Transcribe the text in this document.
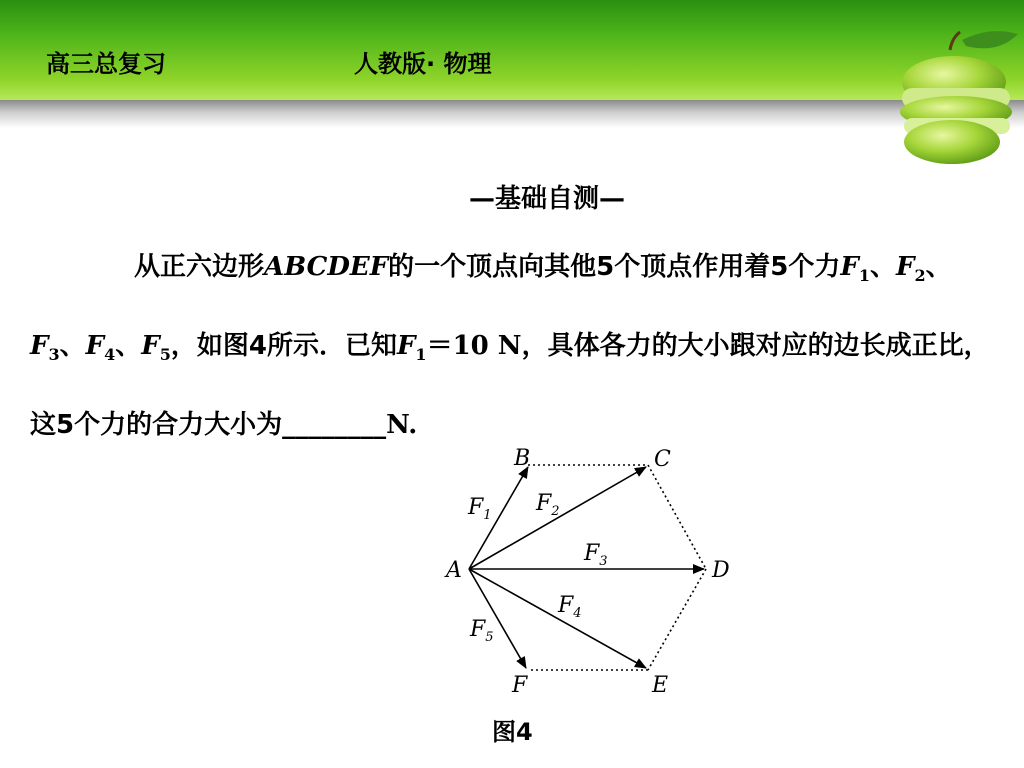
高三总复习	人教版· 物理
—基础自测—
从正六边形ABCDEF的一个顶点向其他5个顶点作用着5个力$F_1$、$F_2$、$F_3$、$F_4$、$F_5$，如图4所示．已知$F_1=10$ N，具体各力的大小跟对应的边长成正比，这5个力的合力大小为________N.
B	C
A	D
F	E
$F_1$ $F_2$
$F_3$
$F_4$
$F_5$
图4
